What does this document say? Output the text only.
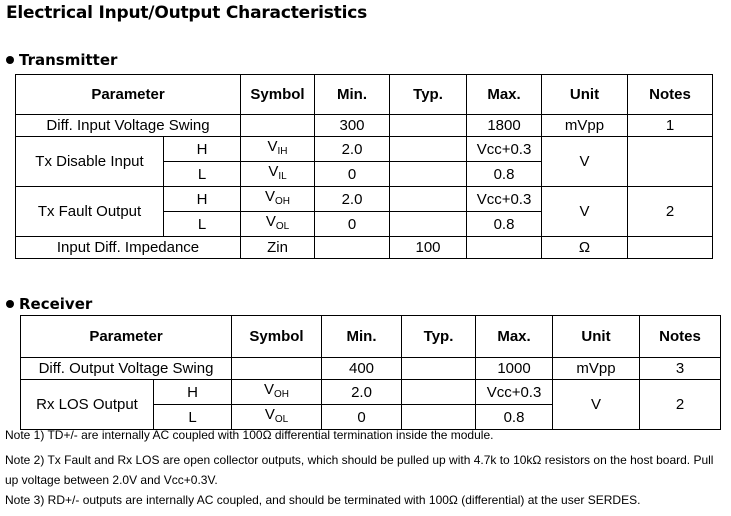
Electrical Input/Output Characteristics
Transmitter
Parameter		Symbol	Min.	Typ.	Max.	Unit	Notes
Diff. Input Voltage Swing			300		1800	mVpp	1
Tx Disable Input	H	$V_{IH}$	2.0		Vcc+0.3	V	
	L	$V_{IL}$	0		0.8		
Tx Fault Output	H	$V_{OH}$	2.0		Vcc+0.3	V	2
	L	$V_{OL}$	0		0.8		
Input Diff. Impedance		Zin		100		Ω	
Receiver
Parameter		Symbol	Min.	Typ.	Max.	Unit	Notes
Diff. Output Voltage Swing			400		1000	mVpp	3
Rx LOS Output	H	$V_{OH}$	2.0		Vcc+0.3	V	2
	L	$V_{OL}$	0		0.8		
Note 1) TD+/- are internally AC coupled with 100Ω differential termination inside the module.
Note 2) Tx Fault and Rx LOS are open collector outputs, which should be pulled up with 4.7k to 10kΩ resistors on the host board. Pull up voltage between 2.0V and Vcc+0.3V.
Note 3) RD+/- outputs are internally AC coupled, and should be terminated with 100Ω (differential) at the user SERDES.
